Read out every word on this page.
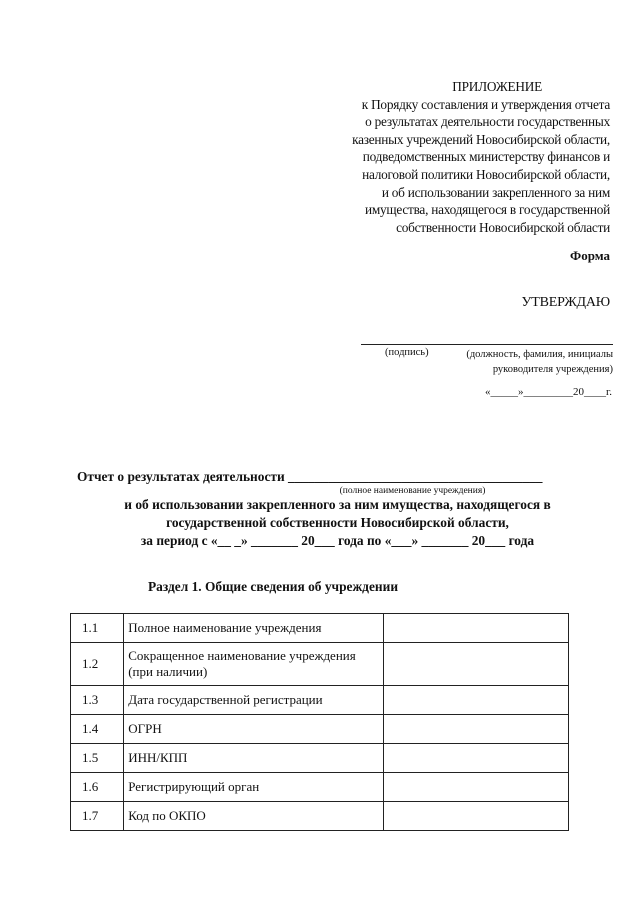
ПРИЛОЖЕНИЕ
к Порядку составления и утверждения отчета
о результатах деятельности государственных
казенных учреждений Новосибирской области,
подведомственных министерству финансов и
налоговой политики Новосибирской области,
и об использовании закрепленного за ним
имущества, находящегося в государственной
собственности Новосибирской области
Форма
УТВЕРЖДАЮ
(подпись)	(должность, фамилия, инициалы
руководителя учреждения)
«_____»_________20____г.
Отчет о результатах деятельности ______________________________________
(полное наименование учреждения)
и об использовании закрепленного за ним имущества, находящегося в
государственной собственности Новосибирской области,
за период с «__ _» _______ 20___ года по «___» _______ 20___ года
Раздел 1. Общие сведения об учреждении
1.1	Полное наименование учреждения	
1.2	Сокращенное наименование учреждения (при наличии)	
1.3	Дата государственной регистрации	
1.4	ОГРН	
1.5	ИНН/КПП	
1.6	Регистрирующий орган	
1.7	Код по ОКПО	
